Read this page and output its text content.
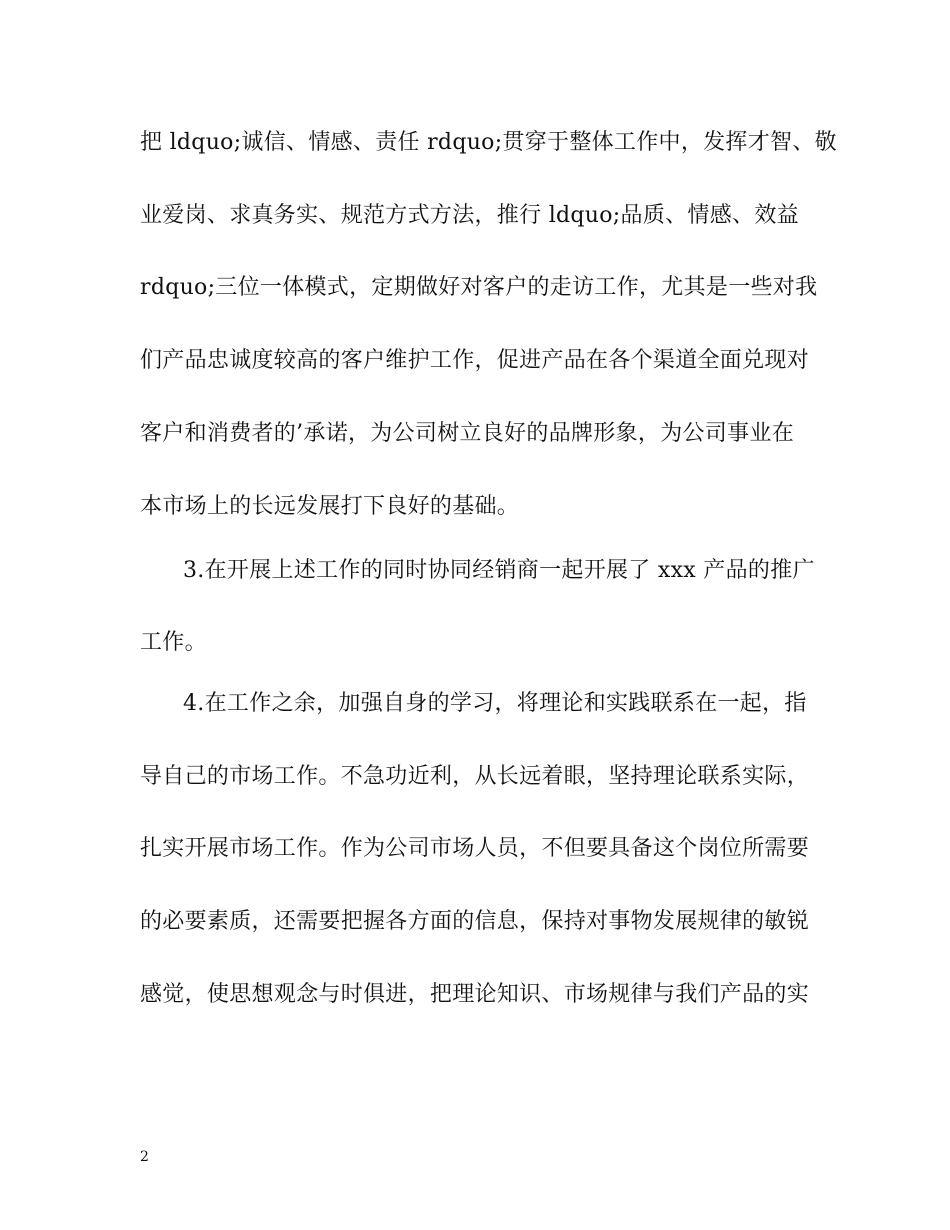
把 ldquo;诚信、情感、责任 rdquo;贯穿于整体工作中，发挥才智、敬
业爱岗、求真务实、规范方式方法，推行 ldquo;品质、情感、效益
rdquo;三位一体模式，定期做好对客户的走访工作，尤其是一些对我
们产品忠诚度较高的客户维护工作，促进产品在各个渠道全面兑现对
客户和消费者的’承诺，为公司树立良好的品牌形象，为公司事业在
本市场上的长远发展打下良好的基础。
3.在开展上述工作的同时协同经销商一起开展了 xxx 产品的推广
工作。
4.在工作之余，加强自身的学习，将理论和实践联系在一起，指
导自己的市场工作。不急功近利，从长远着眼，坚持理论联系实际，
扎实开展市场工作。作为公司市场人员，不但要具备这个岗位所需要
的必要素质，还需要把握各方面的信息，保持对事物发展规律的敏锐
感觉，使思想观念与时俱进，把理论知识、市场规律与我们产品的实
2
